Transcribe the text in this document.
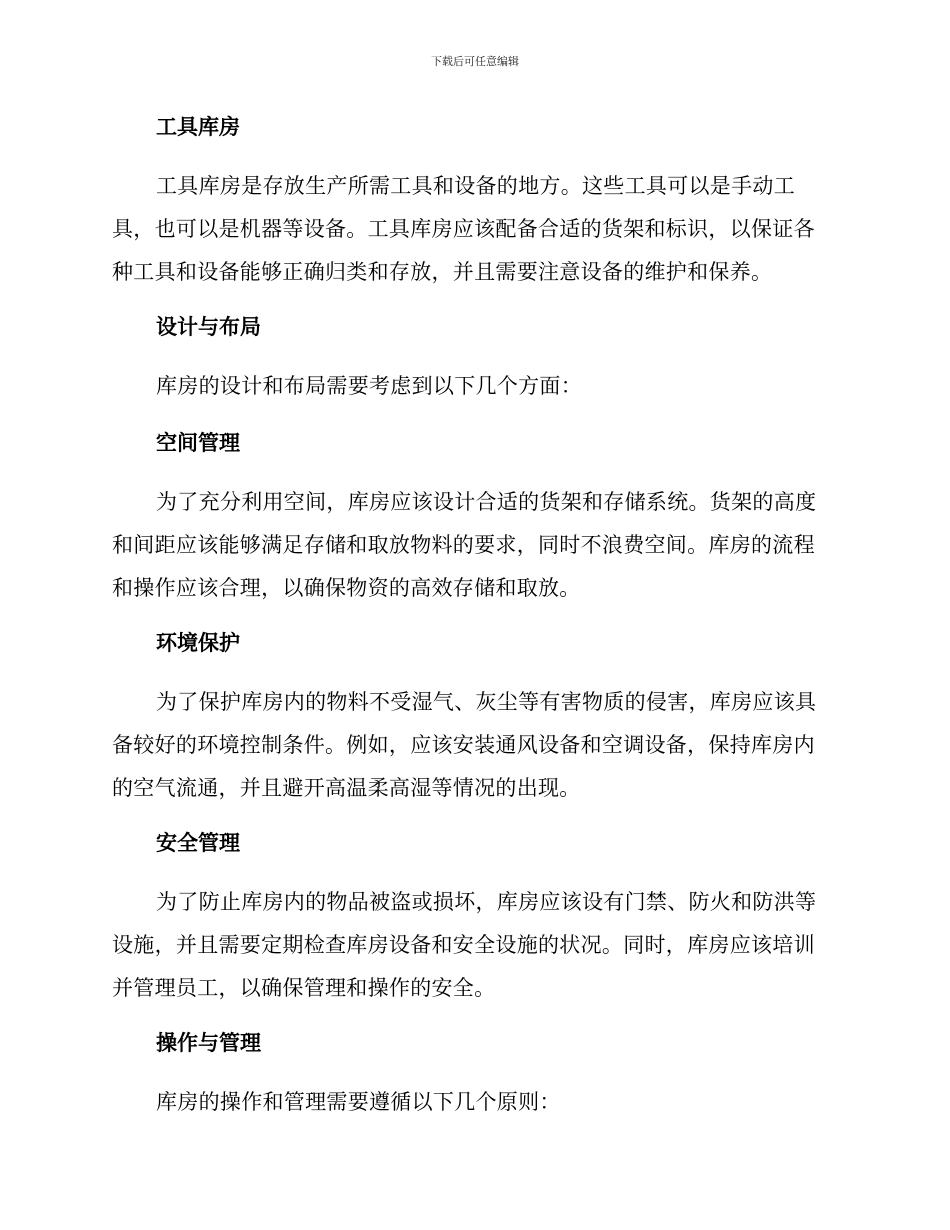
下载后可任意编辑
工具库房

工具库房是存放生产所需工具和设备的地方。这些工具可以是手动工具，也可以是机器等设备。工具库房应该配备合适的货架和标识，以保证各种工具和设备能够正确归类和存放，并且需要注意设备的维护和保养。

设计与布局

库房的设计和布局需要考虑到以下几个方面：

空间管理

为了充分利用空间，库房应该设计合适的货架和存储系统。货架的高度和间距应该能够满足存储和取放物料的要求，同时不浪费空间。库房的流程和操作应该合理，以确保物资的高效存储和取放。

环境保护

为了保护库房内的物料不受湿气、灰尘等有害物质的侵害，库房应该具备较好的环境控制条件。例如，应该安装通风设备和空调设备，保持库房内的空气流通，并且避开高温柔高湿等情况的出现。

安全管理

为了防止库房内的物品被盗或损坏，库房应该设有门禁、防火和防洪等设施，并且需要定期检查库房设备和安全设施的状况。同时，库房应该培训并管理员工，以确保管理和操作的安全。

操作与管理

库房的操作和管理需要遵循以下几个原则：
